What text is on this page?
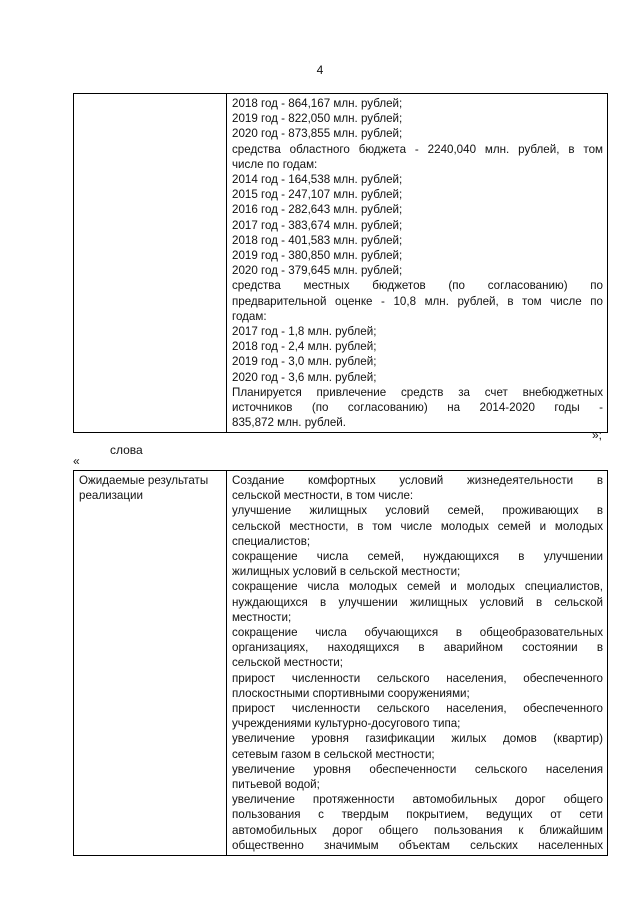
4

2018 год - 864,167 млн. рублей;
2019 год - 822,050 млн. рублей;
2020 год - 873,855 млн. рублей;
средства областного бюджета - 2240,040 млн. рублей, в том
числе по годам:
2014 год - 164,538 млн. рублей;
2015 год - 247,107 млн. рублей;
2016 год - 282,643 млн. рублей;
2017 год - 383,674 млн. рублей;
2018 год - 401,583 млн. рублей;
2019 год - 380,850 млн. рублей;
2020 год - 379,645 млн. рублей;
средства местных бюджетов (по согласованию) по
предварительной оценке - 10,8 млн. рублей, в том числе по
годам:
2017 год - 1,8 млн. рублей;
2018 год - 2,4 млн. рублей;
2019 год - 3,0 млн. рублей;
2020 год - 3,6 млн. рублей;
Планируется привлечение средств за счет внебюджетных
источников (по согласованию) на 2014-2020 годы -
835,872 млн. рублей.
»;
слова
«
Ожидаемые результаты
реализации

Создание комфортных условий жизнедеятельности в
сельской местности, в том числе:
улучшение жилищных условий семей, проживающих в
сельской местности, в том числе молодых семей и молодых
специалистов;
сокращение числа семей, нуждающихся в улучшении
жилищных условий в сельской местности;
сокращение числа молодых семей и молодых специалистов,
нуждающихся в улучшении жилищных условий в сельской
местности;
сокращение числа обучающихся в общеобразовательных
организациях, находящихся в аварийном состоянии в
сельской местности;
прирост численности сельского населения, обеспеченного
плоскостными спортивными сооружениями;
прирост численности сельского населения, обеспеченного
учреждениями культурно-досугового типа;
увеличение уровня газификации жилых домов (квартир)
сетевым газом в сельской местности;
увеличение уровня обеспеченности сельского населения
питьевой водой;
увеличение протяженности автомобильных дорог общего
пользования с твердым покрытием, ведущих от сети
автомобильных дорог общего пользования к ближайшим
общественно значимым объектам сельских населенных
